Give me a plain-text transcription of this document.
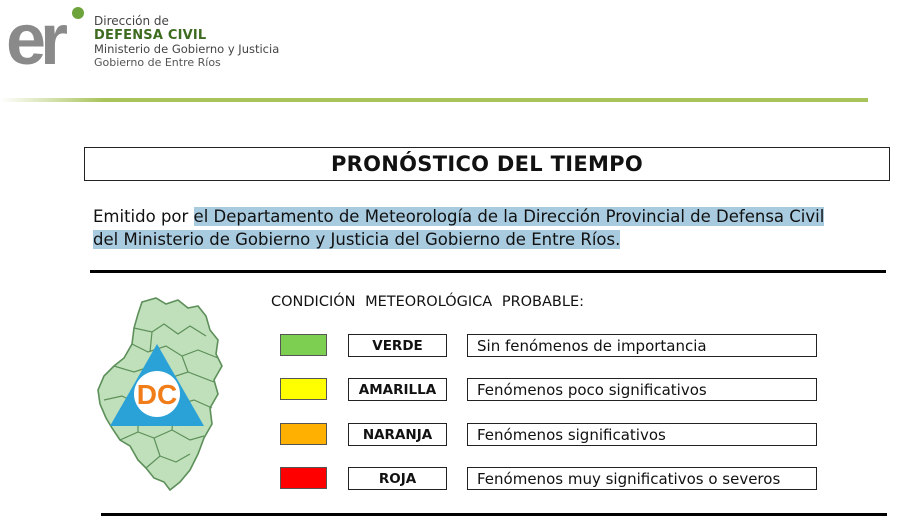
er	Dirección de
DEFENSA CIVIL
Ministerio de Gobierno y Justicia
Gobierno de Entre Ríos
PRONÓSTICO DEL TIEMPO
Emitido por el Departamento de Meteorología de la Dirección Provincial de Defensa Civil
del Ministerio de Gobierno y Justicia del Gobierno de Entre Ríos.
DC
CONDICIÓN METEOROLÓGICA PROBABLE:
VERDE	Sin fenómenos de importancia
AMARILLA	Fenómenos poco significativos
NARANJA	Fenómenos significativos
ROJA	Fenómenos muy significativos o severos
